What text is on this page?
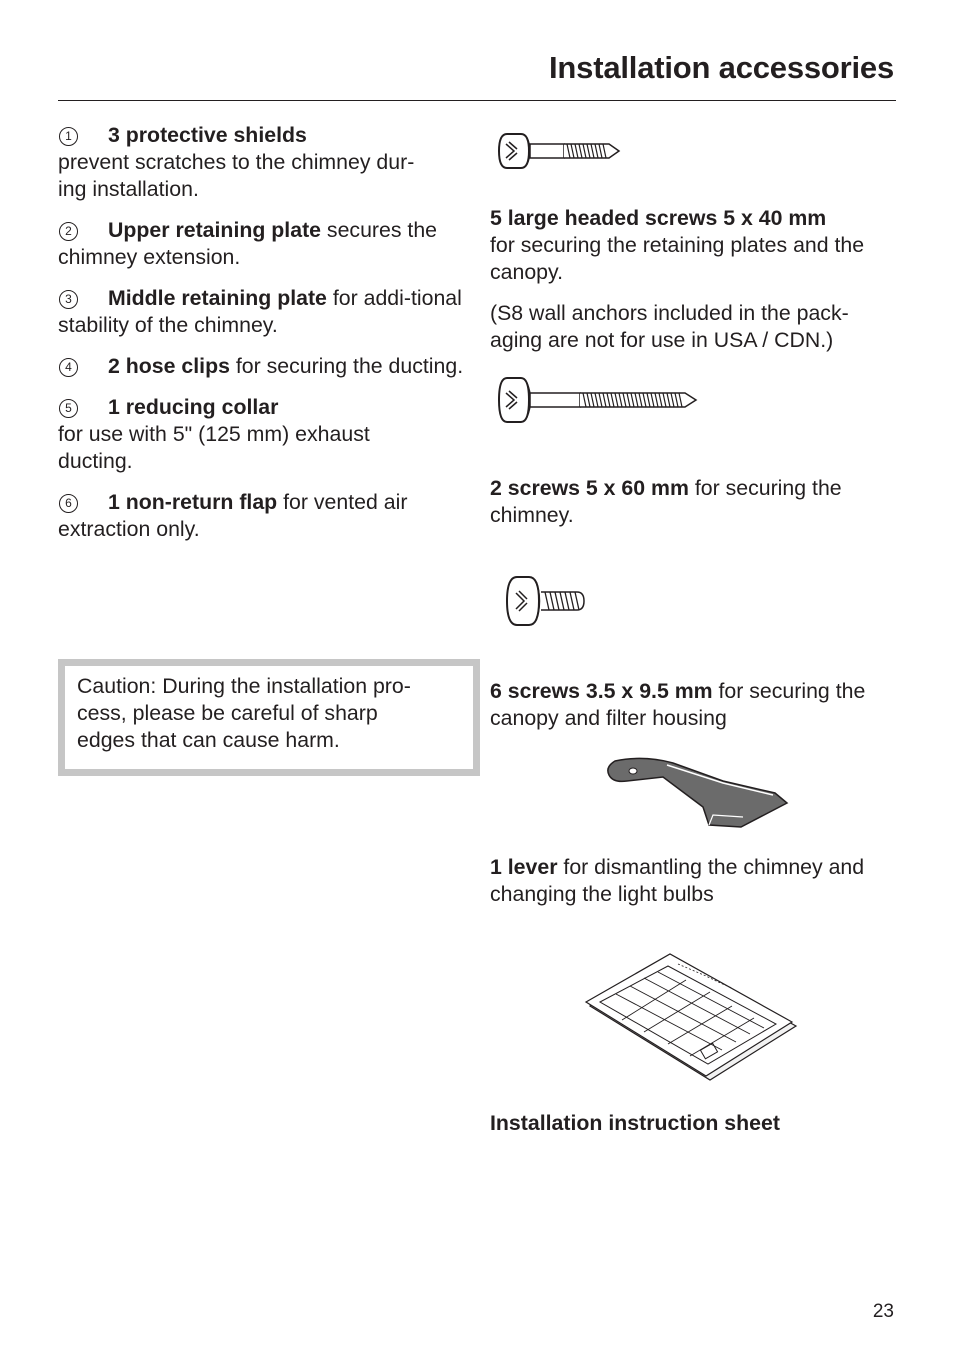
Installation accessories
1 3 protective shields
prevent scratches to the chimney dur-
ing installation.
2 Upper retaining plate secures the chimney extension.
3 Middle retaining plate for addi-tional stability of the chimney.
4 2 hose clips for securing the ducting.
5 1 reducing collar
for use with 5" (125 mm) exhaust
ducting.
6 1 non-return flap for vented air extraction only.
Caution: During the installation pro-
cess, please be careful of sharp
edges that can cause harm.
5 large headed screws 5 x 40 mm
for securing the retaining plates and the
canopy.
(S8 wall anchors included in the pack-
aging are not for use in USA / CDN.)
2 screws 5 x 60 mm for securing the
chimney.
6 screws 3.5 x 9.5 mm for securing the
canopy and filter housing
1 lever for dismantling the chimney and
changing the light bulbs
Installation instruction sheet
23
